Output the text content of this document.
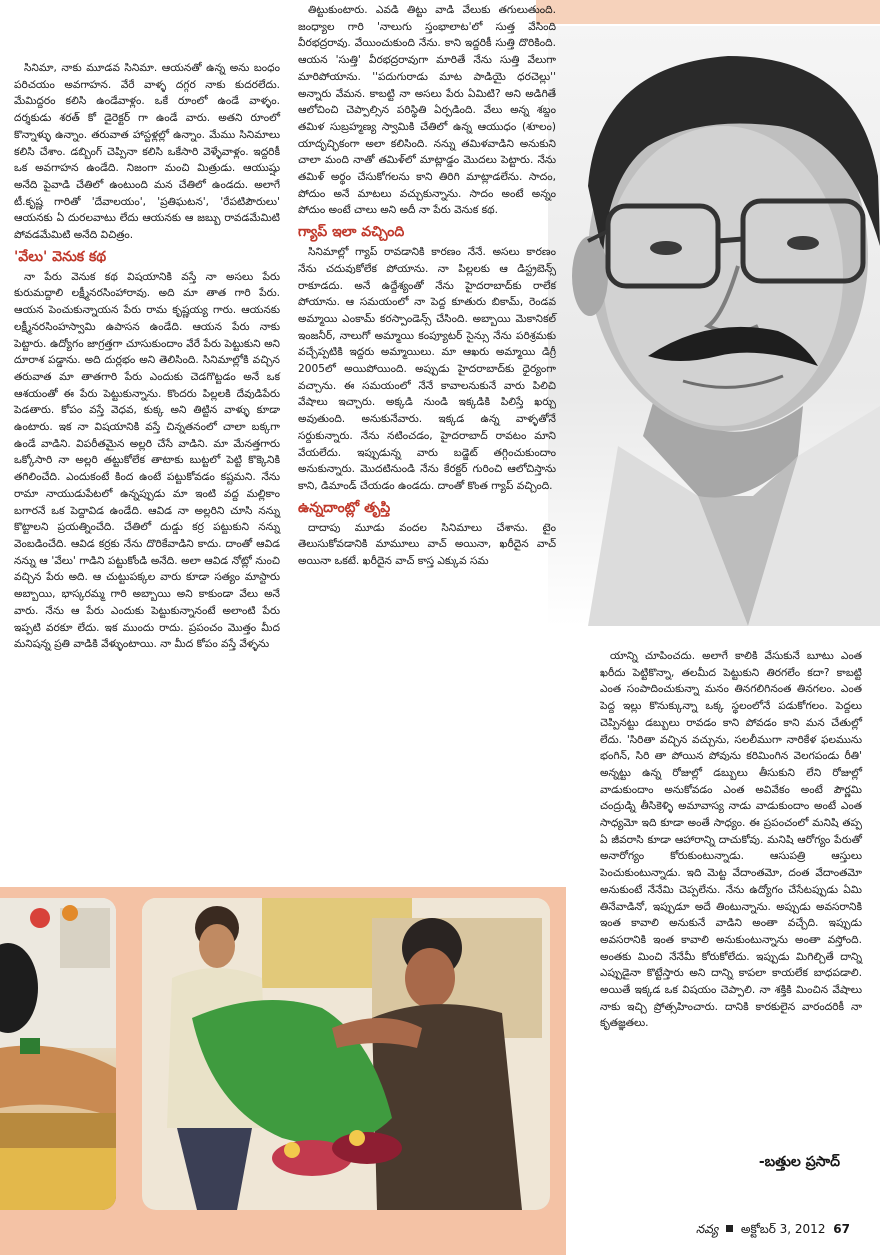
సినిమా, నాకు మూడవ సినిమా. ఆయనతో ఉన్న అను బంధం పరిచయం అవగాహన. వేరే వాళ్ళ దగ్గర నాకు కుదరలేదు. మేమిద్దరం కలిసి ఉండేవాళ్లం. ఒకే రూంలో ఉండే వాళ్ళం. దర్శకుడు శరత్ కో డైరెక్టర్ గా ఉండే వారు. అతని రూంలో కొన్నాళ్ళు ఉన్నాం. తరువాత హాస్టళ్లల్లో ఉన్నాం. మేము సినిమాలు కలిసి చేశాం. డబ్బింగ్ చెప్పినా కలిసి ఒకేసారి వెళ్ళేవాళ్లం. ఇద్దరికీ ఒక అవగాహన ఉండేది. నిజంగా మంచి మిత్రుడు. ఆయుష్షు అనేది పైవాడి చేతిలో ఉంటుంది మన చేతిలో ఉండదు. అలాగే టీ.కృష్ణ గారితో 'దేవాలయం', 'ప్రతిఘటన', 'రేపటిపౌరులు' ఆయనకు ఏ దురలవాటు లేదు ఆయనకు ఆ జబ్బు రావడమేమిటి పోవడమేమిటి అనేది విచిత్రం.

'వేలు' వెనుక కథ

నా పేరు వెనుక కథ విషయానికి వస్తే నా అసలు పేరు కురుమద్దాలి లక్ష్మీనరసింహారావు. అది మా తాత గారి పేరు. ఆయన పెంచుకున్నాయన పేరు రామ కృష్ణయ్య గారు. ఆయనకు లక్ష్మీనరసింహస్వామి ఉపాసన ఉండేది. ఆయన పేరు నాకు పెట్టారు. ఉద్యోగం జాగ్రత్తగా చూసుకుందాం వేరే పేరు పెట్టుకుని అని దూరాశ పడ్డాను. అది దుర్లభం అని తెలిసింది. సినిమాల్లోకి వచ్చిన తరువాత మా తాతగారి పేరు ఎందుకు చెడగొట్టడం అనే ఒక ఆశయంతో ఈ పేరు పెట్టుకున్నాను. కొందరు పిల్లలకి దేవుడిపేరు పెడతారు. కోపం వస్తే వెధవ, కుక్క అని తిట్టిన వాళ్ళు కూడా ఉంటారు. ఇక నా విషయానికి వస్తే చిన్నతనంలో చాలా బక్కగా ఉండే వాడిని. విపరీతమైన అల్లరి చేసే వాడిని. మా మేనత్తగారు ఒక్కోసారి నా అల్లరి తట్టుకోలేక తాటాకు బుట్టలో పెట్టి కొక్కెనికి తగిలించేది. ఎందుకంటే కింద ఉంటే పట్టుకోవడం కష్టమని. నేను రామా నాయుడుపేటలో ఉన్నప్పుడు మా ఇంటి వద్ద మల్లికాం బగారనే ఒక పెద్దావిడ ఉండేది. ఆవిడ నా అల్లరిని చూసి నన్ను కొట్టాలని ప్రయత్నించేది. చేతిలో దుడ్డు కర్ర పట్టుకుని నన్ను వెంబడించేది. ఆవిడ కర్రకు నేను దొరికేవాడిని కాదు. దాంతో ఆవిడ నన్ను ఆ 'వేలు' గాడిని పట్టుకోండి అనేది. అలా ఆవిడ నోట్లో నుంచి వచ్చిన పేరు అది. ఆ చుట్టుపక్కల వారు కూడా సత్యం మాస్టారు అబ్బాయి, భాస్కరమ్మ గారి అబ్బాయి అని కాకుండా వేలు అనే వారు. నేను ఆ పేరు ఎందుకు పెట్టుకున్నానంటే అలాంటి పేరు ఇప్పటి వరకూ లేదు. ఇక ముందు రాదు. ప్రపంచం మొత్తం మీద మనిషన్న ప్రతి వాడికి వేళ్ళుంటాయి. నా మీద కోపం వస్తే వేళ్ళను

తిట్టుకుంటారు. ఎవడి తిట్టు వాడి వేలుకు తగులుతుంది. జంధ్యాల గారి 'నాలుగు స్తంభాలాట'లో సుత్త వేసింది వీరభద్రరావు. వేయించుకుంది నేను. కాని ఇద్దరికీ సుత్తి దొరికింది. ఆయన 'సుత్తి' వీరభద్రరావుగా మారితే నేను సుత్తి వేలుగా మారిపోయాను. ''పదుగురాడు మాట పాడియై ధరచెల్లు'' అన్నారు వేమన. కాబట్టి నా అసలు పేరు ఏమిటి? అని అడిగితే ఆలోచించి చెప్పాల్సిన పరిస్థితి ఏర్పడింది. వేలు అన్న శబ్దం తమిళ సుబ్రహ్మణ్య స్వామికి చేతిలో ఉన్న ఆయుధం (శూలం) యాదృచ్ఛికంగా అలా కలిసింది. నన్ను తమిళవాడిని అనుకుని చాలా మంది నాతో తమిళ్‌లో మాట్లాడ్డం మొదలు పెట్టారు. నేను తమిళ్ అర్థం చేసుకోగలను కాని తిరిగి మాట్లాడలేను. సాదం, పోదుం అనే మాటలు వచ్చుకున్నాను. సాదం అంటే అన్నం పోదుం అంటే చాలు అని అదీ నా పేరు వెనుక కథ.

గ్యాప్ ఇలా వచ్చింది

సినిమాల్లో గ్యాప్ రావడానికి కారణం నేనే. అసలు కారణం నేను చదువుకోలేక పోయాను. నా పిల్లలకు ఆ డిస్ట్రబెన్స్ రాకూడదు. అనే ఉద్దేశ్యంతో నేను హైదరాబాద్‌కు రాలేక పోయాను. ఆ సమయంలో నా పెద్ద కూతురు బికామ్, రెండవ అమ్మాయి ఎంకామ్ కరస్పాండెన్స్ చేసింది. అబ్బాయి మెకానికల్ ఇంజనీర్, నాలుగో అమ్మాయి కంప్యూటర్ సైన్సు నేను పరిశ్రమకు వచ్చేప్పటికి ఇద్దరు అమ్మాయిలు. మా ఆఖరు అమ్మాయి డిగ్రీ 2005లో అయిపోయింది. అప్పుడు హైదరాబాద్‌కు ధైర్యంగా వచ్చాను. ఈ సమయంలో నేనే కావాలనుకునే వారు పిలిచి వేషాలు ఇచ్చారు. అక్కడి నుండి ఇక్కడికి పిలిస్తే ఖర్చు అవుతుంది. అనుకునేవారు. ఇక్కడ ఉన్న వాళ్ళతోనే సర్దుకున్నారు. నేను నటించడం, హైదరాబాద్ రావటం మాని వేయలేదు. ఇప్పుడున్న వారు బడ్జెట్ తగ్గించుకుందాం అనుకున్నారు. మొదటినుండి నేను కేరక్టర్ గురించి ఆలోచిస్తాను కాని, డిమాండ్ చేయడం ఉండదు. దాంతో కొంత గ్యాప్ వచ్చింది.

ఉన్నదాంట్లో తృప్తి

దాదాపు మూడు వందల సినిమాలు చేశాను. టైం తెలుసుకోవడానికి మామూలు వాచ్ అయినా, ఖరీదైన వాచ్ అయినా ఒకటే. ఖరీదైన వాచ్ కాస్త ఎక్కువ సమ

యాన్ని చూపించదు. అలాగే కాలికి వేసుకునే బూటు ఎంత ఖరీదు పెట్టికొన్నా, తలమీద పెట్టుకుని తిరగలేం కదా? కాబట్టి ఎంత సంపాదించుకున్నా మనం తినగలిగినంత తినగలం. ఎంత పెద్ద ఇల్లు కొనుక్కున్నా ఒక్క స్థలంలోనే పడుకోగలం. పెద్దలు చెప్పినట్టు డబ్బులు రావడం కాని పోవడం కాని మన చేతుల్లో లేదు. 'సిరితా వచ్చిన వచ్చును, సలలీముగా నారికేళ ఫలమును భంగిన్, సిరి తా పోయిన పోవును కరిమింగిన వెలగపండు రీతి' అన్నట్టు ఉన్న రోజుల్లో డబ్బులు తీసుకుని లేని రోజుల్లో వాడుకుందాం అనుకోవడం ఎంత అవివేకం అంటే పౌర్ణమి చంద్రుడ్ని తీసికెళ్ళి అమావాస్య నాడు వాడుకుందాం అంటే ఎంత సాధ్యమో ఇది కూడా అంతే సాధ్యం. ఈ ప్రపంచంలో మనిషి తప్ప ఏ జీవరాసి కూడా ఆహారాన్ని దాచుకోవు. మనిషి ఆరోగ్యం పేరుతో అనారోగ్యం కోరుకుంటున్నాడు. ఆసుపత్రి ఆస్తులు పెంచుకుంటున్నాడు. ఇది మెట్ట వేదాంతమో, దంత వేదాంతమో అనుకుంటే నేనేమి చెప్పలేను. నేను ఉద్యోగం చేసేటప్పుడు ఏమి తినేవాడినో, ఇప్పుడూ అదే తింటున్నాను. అప్పుడు అవసరానికి ఇంత కావాలి అనుకునే వాడిని అంతా వచ్చేది. ఇప్పుడు అవసరానికి ఇంత కావాలి అనుకుంటున్నాను అంతా వస్తోంది. అంతకు మించి నేనేమీ కోరుకోలేదు. ఇప్పుడు మిగిల్చితే దాన్ని ఎప్పుడైనా కొట్టేస్తారు అని దాన్ని కాపలా కాయలేక బాధపడాలి. అయితే ఇక్కడ ఒక విషయం చెప్పాలి. నా శక్తికి మించిన వేషాలు నాకు ఇచ్చి ప్రోత్సహించారు. దానికి కారకులైన వారందరికీ నా కృతజ్ఞతలు.

-బత్తుల ప్రసాద్
నవ్య అక్టోబర్ 3, 2012 67
